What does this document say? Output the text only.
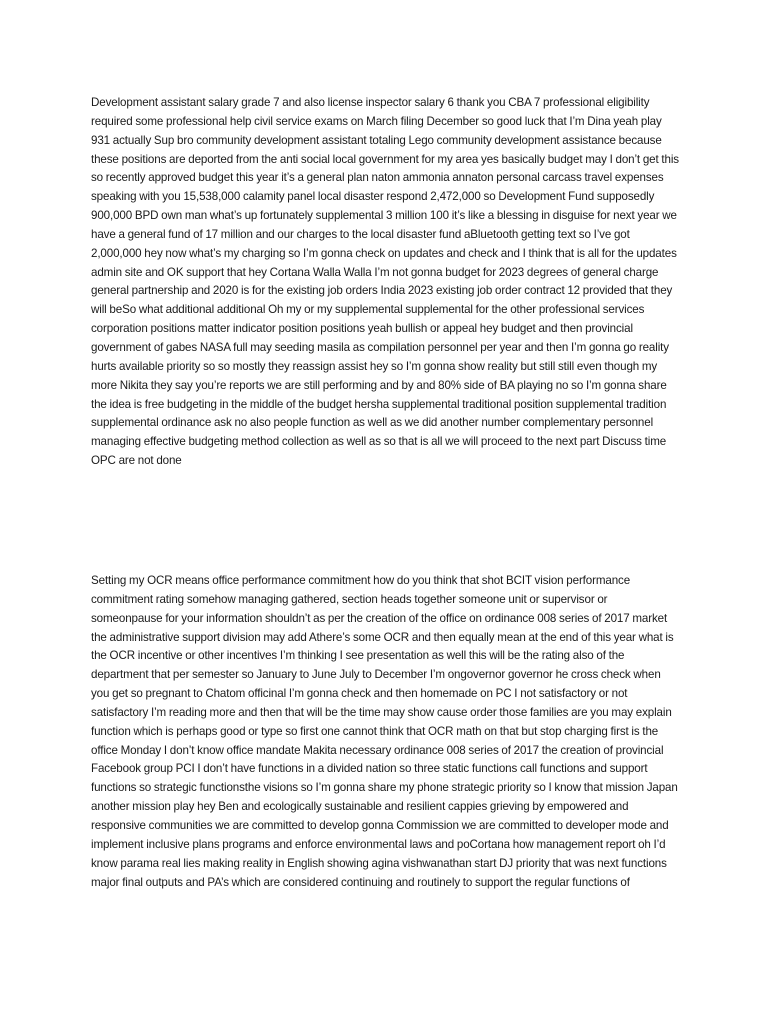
Development assistant salary grade 7 and also license inspector salary 6 thank you CBA 7 professional eligibility required some professional help civil service exams on March filing December so good luck that I’m Dina yeah play 931 actually Sup bro community development assistant totaling Lego community development assistance because these positions are deported from the anti social local government for my area yes basically budget may I don’t get this so recently approved budget this year it’s a general plan naton ammonia annaton personal carcass travel expenses speaking with you 15,538,000 calamity panel local disaster respond 2,472,000 so Development Fund supposedly 900,000 BPD own man what’s up fortunately supplemental 3 million 100 it’s like a blessing in disguise for next year we have a general fund of 17 million and our charges to the local disaster fund aBluetooth getting text so I’ve got 2,000,000 hey now what’s my charging so I’m gonna check on updates and check and I think that is all for the updates admin site and OK support that hey Cortana Walla Walla I’m not gonna budget for 2023 degrees of general charge general partnership and 2020 is for the existing job orders India 2023 existing job order contract 12 provided that they will beSo what additional additional Oh my or my supplemental supplemental for the other professional services corporation positions matter indicator position positions yeah bullish or appeal hey budget and then provincial government of gabes NASA full may seeding masila as compilation personnel per year and then I’m gonna go reality hurts available priority so so mostly they reassign assist hey so I’m gonna show reality but still still even though my more Nikita they say you’re reports we are still performing and by and 80% side of BA playing no so I’m gonna share the idea is free budgeting in the middle of the budget hersha supplemental traditional position supplemental tradition supplemental ordinance ask no also people function as well as we did another number complementary personnel managing effective budgeting method collection as well as so that is all we will proceed to the next part Discuss time OPC are not done

Setting my OCR means office performance commitment how do you think that shot BCIT vision performance commitment rating somehow managing gathered, section heads together someone unit or supervisor or someonpause for your information shouldn’t as per the creation of the office on ordinance 008 series of 2017 market the administrative support division may add Athere’s some OCR and then equally mean at the end of this year what is the OCR incentive or other incentives I’m thinking I see presentation as well this will be the rating also of the department that per semester so January to June July to December I’m ongovernor governor he cross check when you get so pregnant to Chatom officinal I’m gonna check and then homemade on PC I not satisfactory or not satisfactory I’m reading more and then that will be the time may show cause order those families are you may explain function which is perhaps good or type so first one cannot think that OCR math on that but stop charging first is the office Monday I don’t know office mandate Makita necessary ordinance 008 series of 2017 the creation of provincial Facebook group PCI I don’t have functions in a divided nation so three static functions call functions and support functions so strategic functionsthe visions so I’m gonna share my phone strategic priority so I know that mission Japan another mission play hey Ben and ecologically sustainable and resilient cappies grieving by empowered and responsive communities we are committed to develop gonna Commission we are committed to developer mode and implement inclusive plans programs and enforce environmental laws and poCortana how management report oh I’d know parama real lies making reality in English showing agina vishwanathan start DJ priority that was next functions major final outputs and PA’s which are considered continuing and routinely to support the regular functions of
